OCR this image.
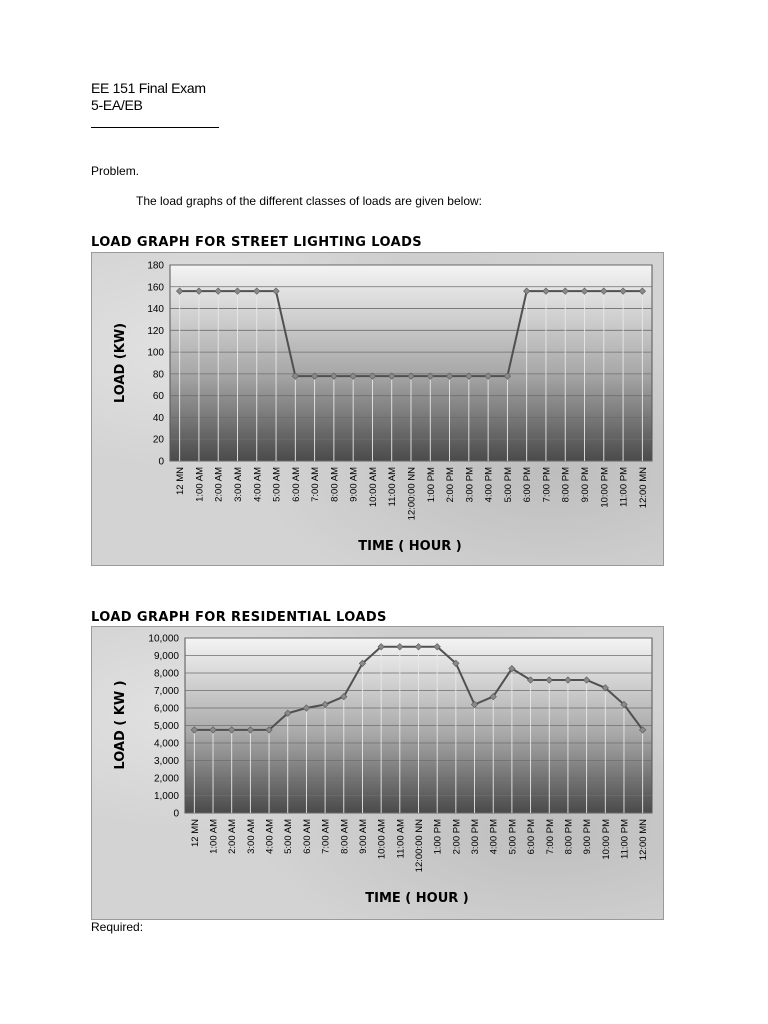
EE 151 Final Exam
5-EA/EB
Problem.
The load graphs of the different classes of loads are given below:
LOAD GRAPH FOR STREET LIGHTING LOADS
0
20
40
60
80
100
120
140
160
180
12 MN 1:00 AM 2:00 AM 3:00 AM 4:00 AM 5:00 AM 6:00 AM 7:00 AM 8:00 AM 9:00 AM 10:00 AM 11:00 AM 12:00:00 NN 1:00 PM 2:00 PM 3:00 PM 4:00 PM 5:00 PM 6:00 PM 7:00 PM 8:00 PM 9:00 PM 10:00 PM 11:00 PM 12:00 MN
TIME ( HOUR )
LOAD (KW)
LOAD GRAPH FOR RESIDENTIAL LOADS
0
1,000
2,000
3,000
4,000
5,000
6,000
7,000
8,000
9,000
10,000
12 MN 1:00 AM 2:00 AM 3:00 AM 4:00 AM 5:00 AM 6:00 AM 7:00 AM 8:00 AM 9:00 AM 10:00 AM 11:00 AM 12:00:00 NN 1:00 PM 2:00 PM 3:00 PM 4:00 PM 5:00 PM 6:00 PM 7:00 PM 8:00 PM 9:00 PM 10:00 PM 11:00 PM 12:00 MN
TIME ( HOUR )
LOAD ( KW )
Required:
